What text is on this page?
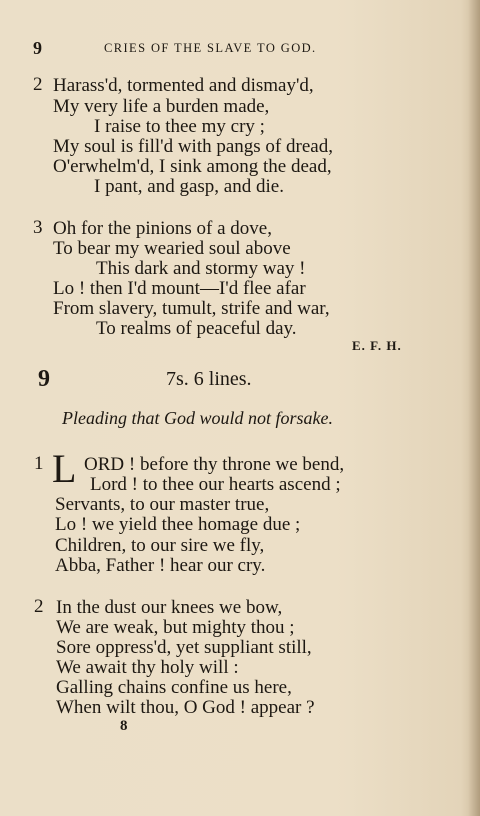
9	CRIES OF THE SLAVE TO GOD.
2 Harass'd, tormented and dismay'd,
My very life a burden made,
I raise to thee my cry ;
My soul is fill'd with pangs of dread,
O'erwhelm'd, I sink among the dead,
I pant, and gasp, and die.
3 Oh for the pinions of a dove,
To bear my wearied soul above
This dark and stormy way !
Lo ! then I'd mount—I'd flee afar
From slavery, tumult, strife and war,
To realms of peaceful day.
E. F. H.
9	7s. 6 lines.
Pleading that God would not forsake.
1 L ORD ! before thy throne we bend,
Lord ! to thee our hearts ascend ;
Servants, to our master true,
Lo ! we yield thee homage due ;
Children, to our sire we fly,
Abba, Father ! hear our cry.
2 In the dust our knees we bow,
We are weak, but mighty thou ;
Sore oppress'd, yet suppliant still,
We await thy holy will :
Galling chains confine us here,
When wilt thou, O God ! appear ?
8
